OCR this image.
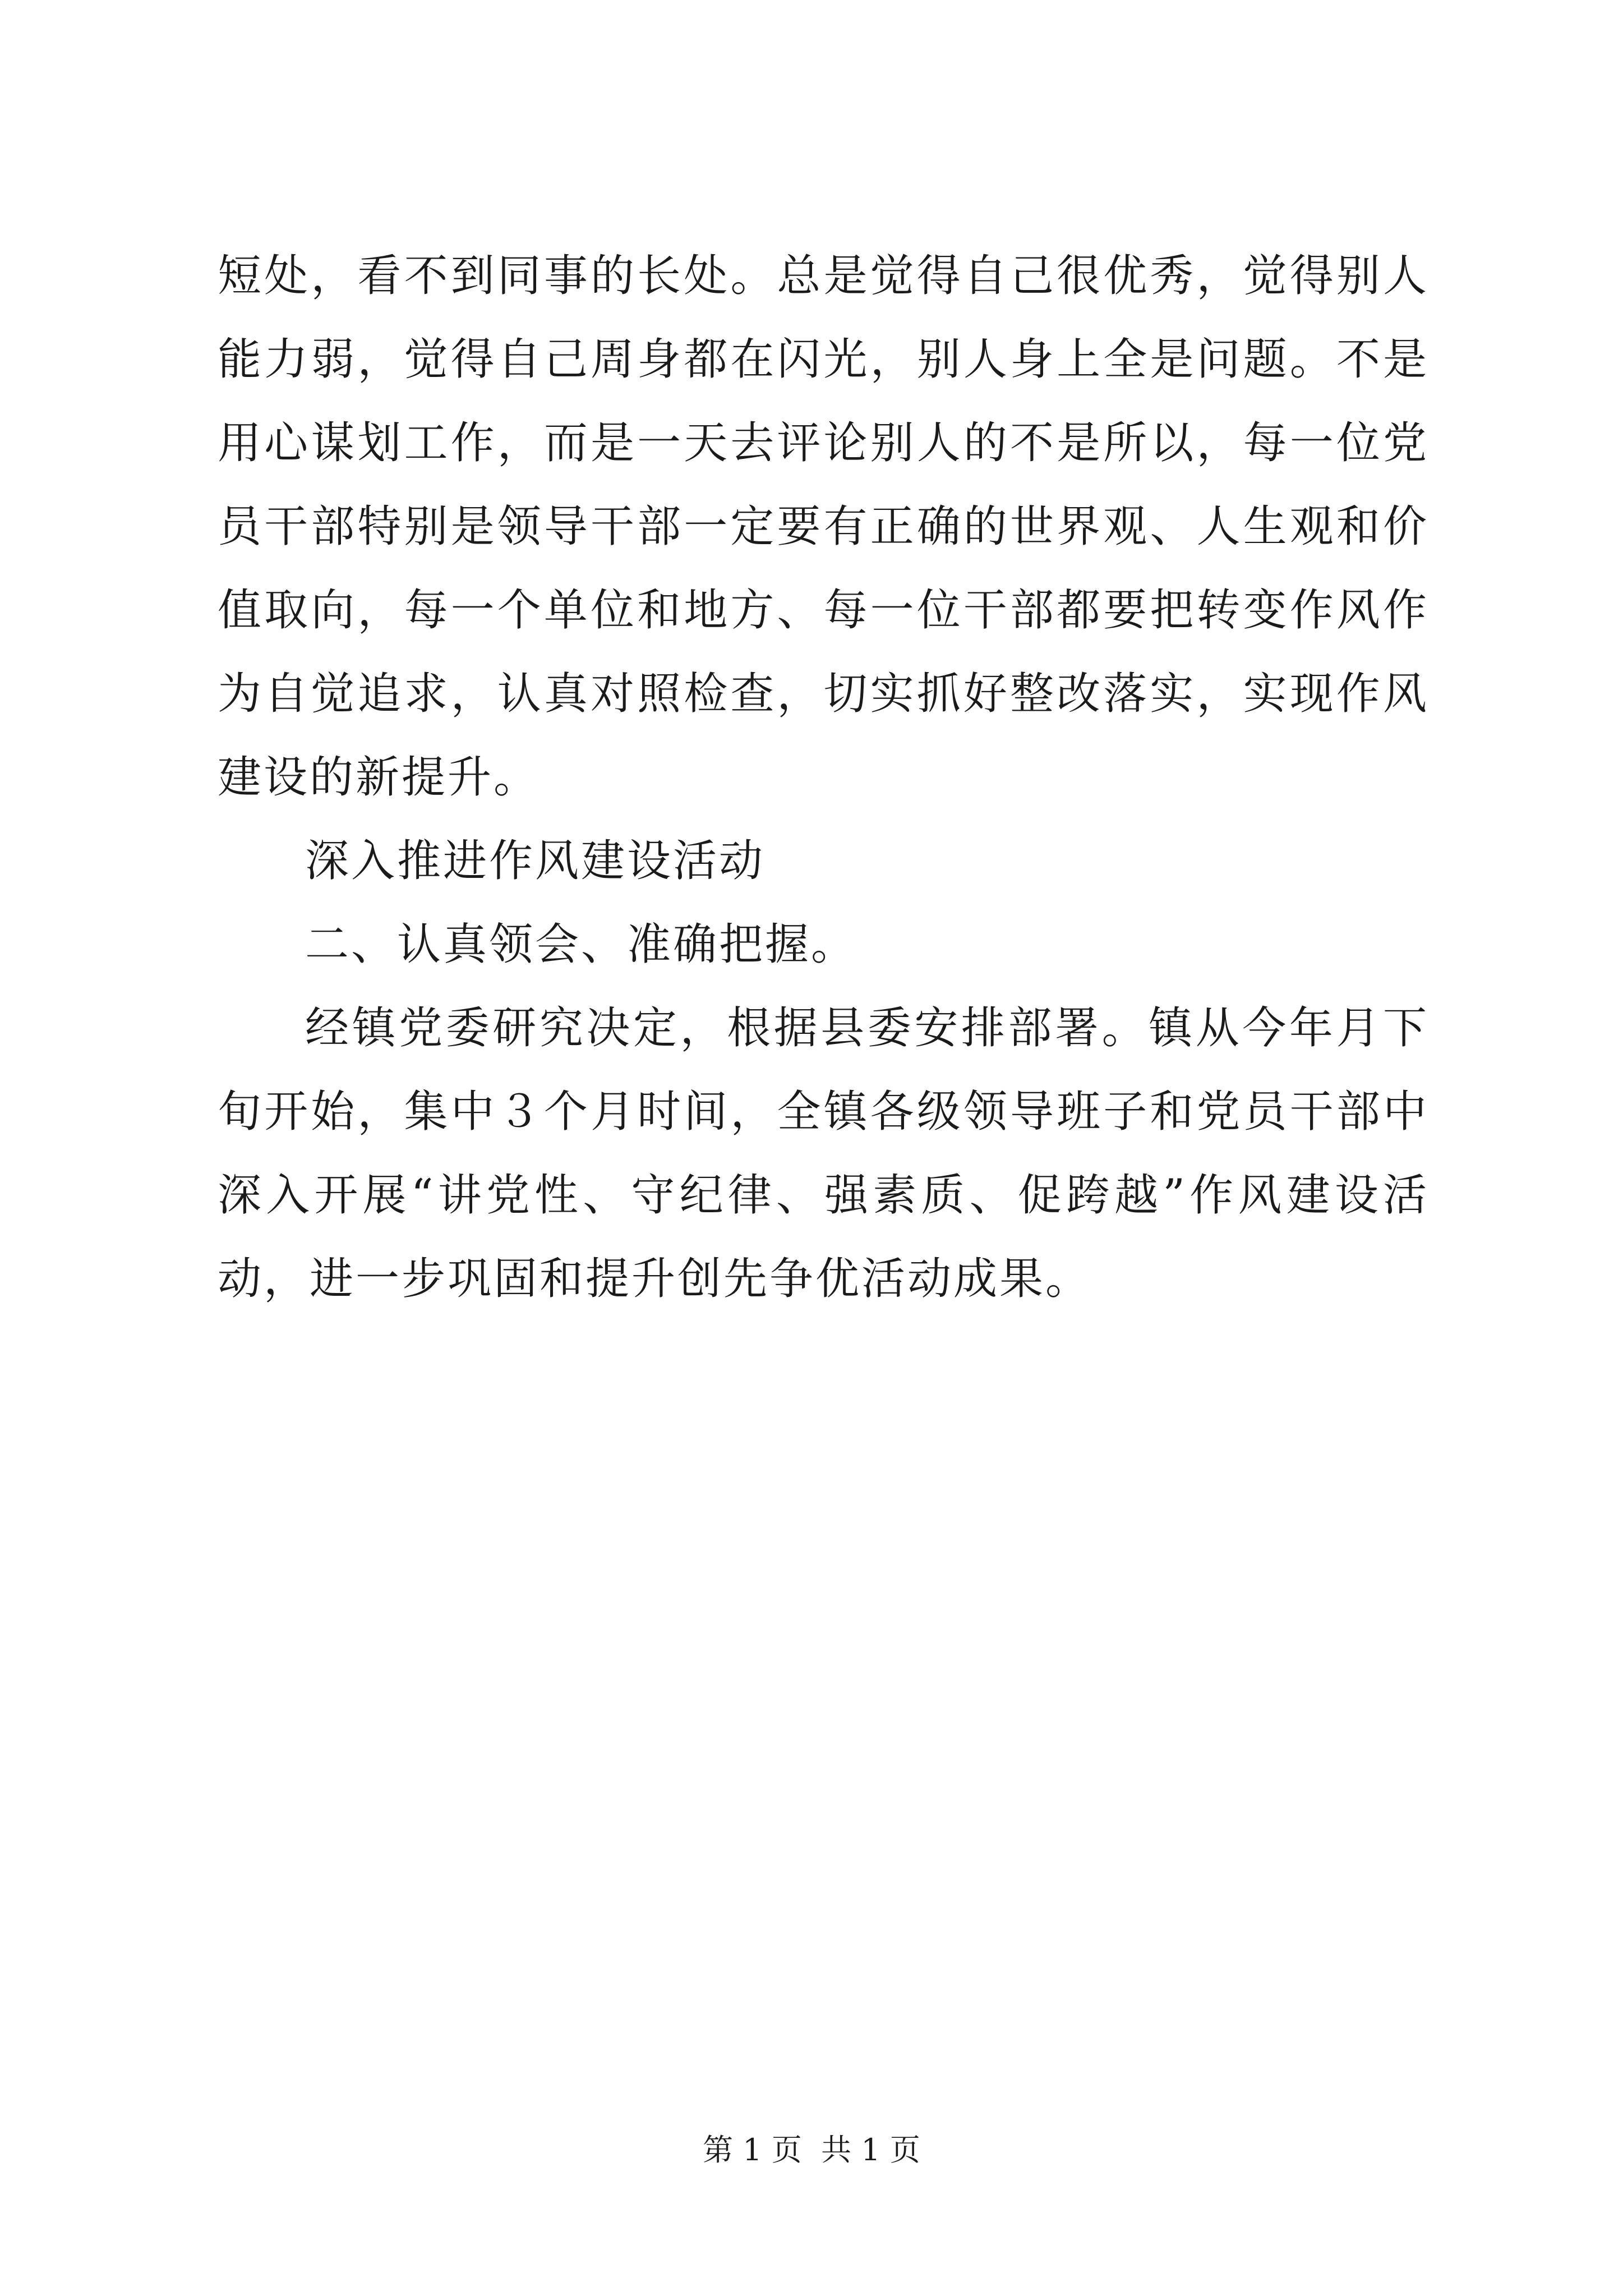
短处，看不到同事的长处。总是觉得自己很优秀，觉得别人能力弱，觉得自己周身都在闪光，别人身上全是问题。不是用心谋划工作，而是一天去评论别人的不是所以，每一位党员干部特别是领导干部一定要有正确的世界观、人生观和价值取向，每一个单位和地方、每一位干部都要把转变作风作为自觉追求，认真对照检查，切实抓好整改落实，实现作风建设的新提升。

深入推进作风建设活动

二、认真领会、准确把握。

经镇党委研究决定，根据县委安排部署。镇从今年月下旬开始，集中３个月时间，全镇各级领导班子和党员干部中深入开展“讲党性、守纪律、强素质、促跨越”作风建设活动，进一步巩固和提升创先争优活动成果。

第 1 页  共 1 页
